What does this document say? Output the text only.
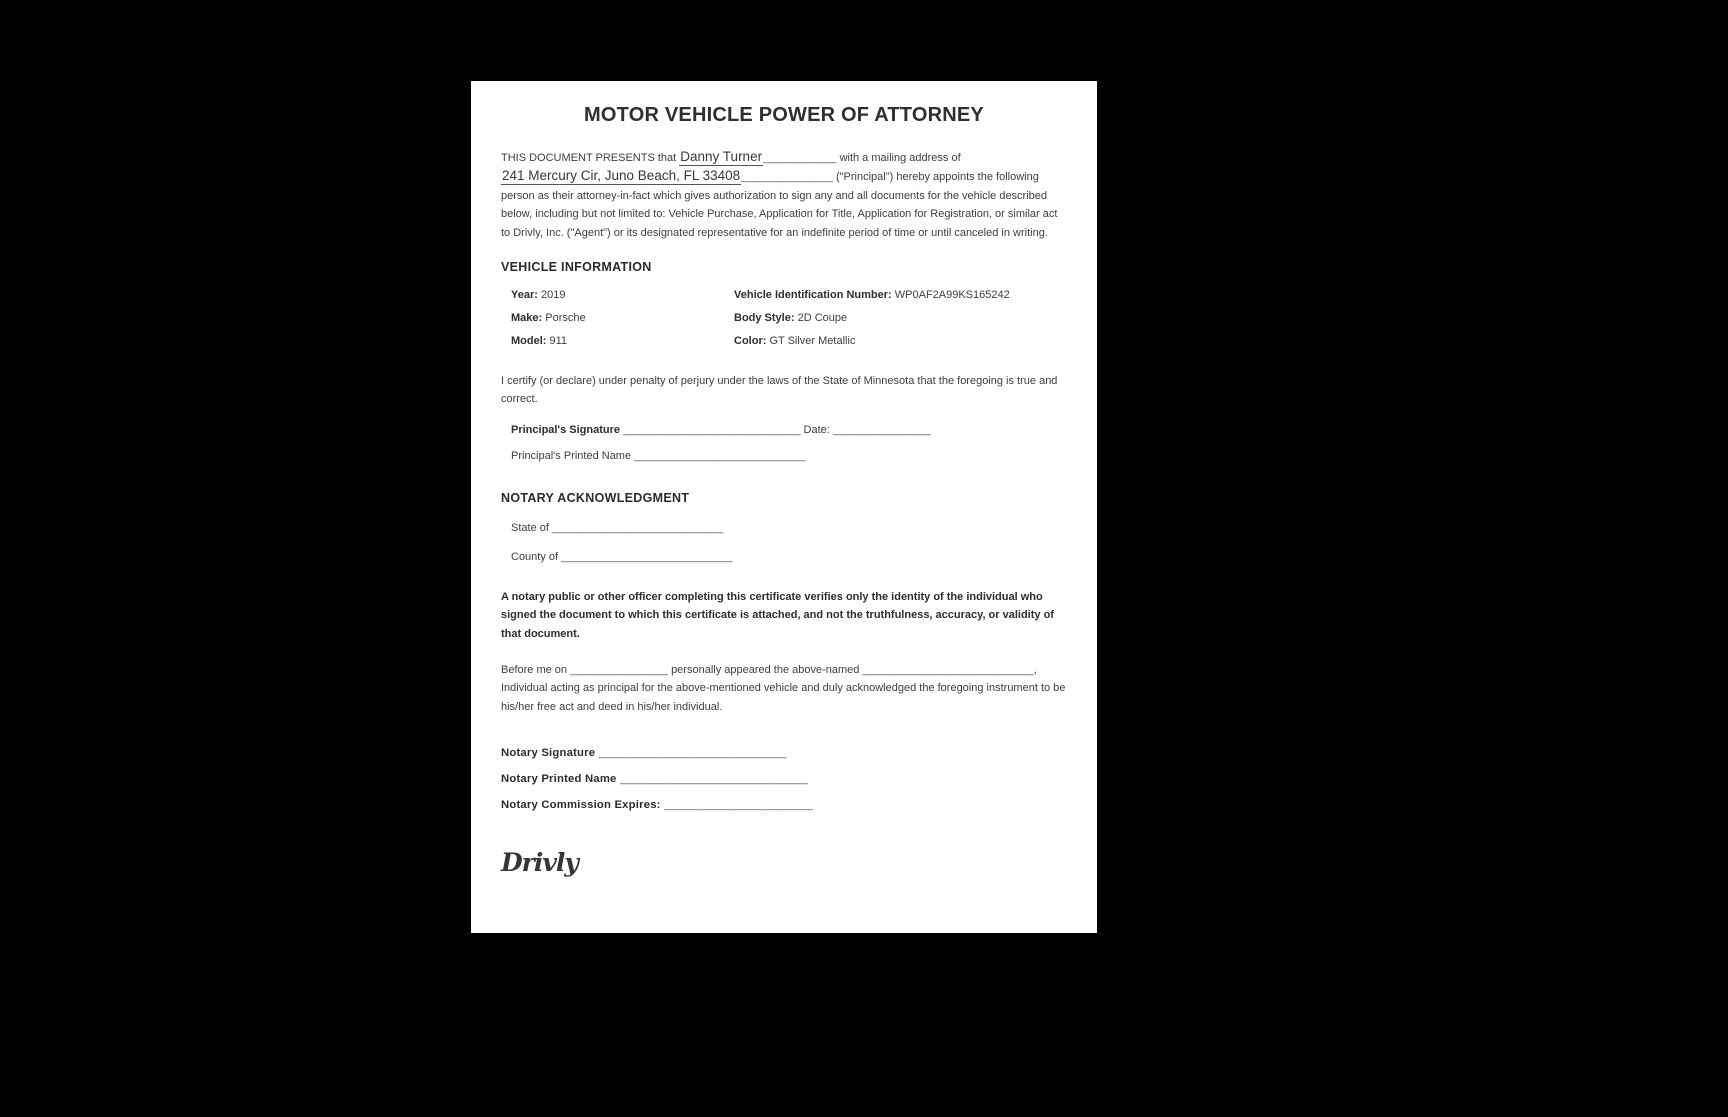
MOTOR VEHICLE POWER OF ATTORNEY

THIS DOCUMENT PRESENTS that Danny Turner____________ with a mailing address of 241 Mercury Cir, Juno Beach, FL 33408_______________ ("Principal") hereby appoints the following person as their attorney-in-fact which gives authorization to sign any and all documents for the vehicle described below, including but not limited to: Vehicle Purchase, Application for Title, Application for Registration, or similar act to Drivly, Inc. ("Agent") or its designated representative for an indefinite period of time or until canceled in writing.

VEHICLE INFORMATION
Year: 2019	Vehicle Identification Number: WP0AF2A99KS165242
Make: Porsche	Body Style: 2D Coupe
Model: 911	Color: GT Silver Metallic

I certify (or declare) under penalty of perjury under the laws of the State of Minnesota that the foregoing is true and correct.

Principal's Signature _____________________________ Date: ________________
Principal's Printed Name ____________________________
NOTARY ACKNOWLEDGMENT
State of ____________________________
County of ____________________________

A notary public or other officer completing this certificate verifies only the identity of the individual who signed the document to which this certificate is attached, and not the truthfulness, accuracy, or validity of that document.

Before me on ________________ personally appeared the above-named ____________________________, Individual acting as principal for the above-mentioned vehicle and duly acknowledged the foregoing instrument to be his/her free act and deed in his/her individual.

Notary Signature _____________________________
Notary Printed Name _____________________________
Notary Commission Expires: _______________________
Drivly
